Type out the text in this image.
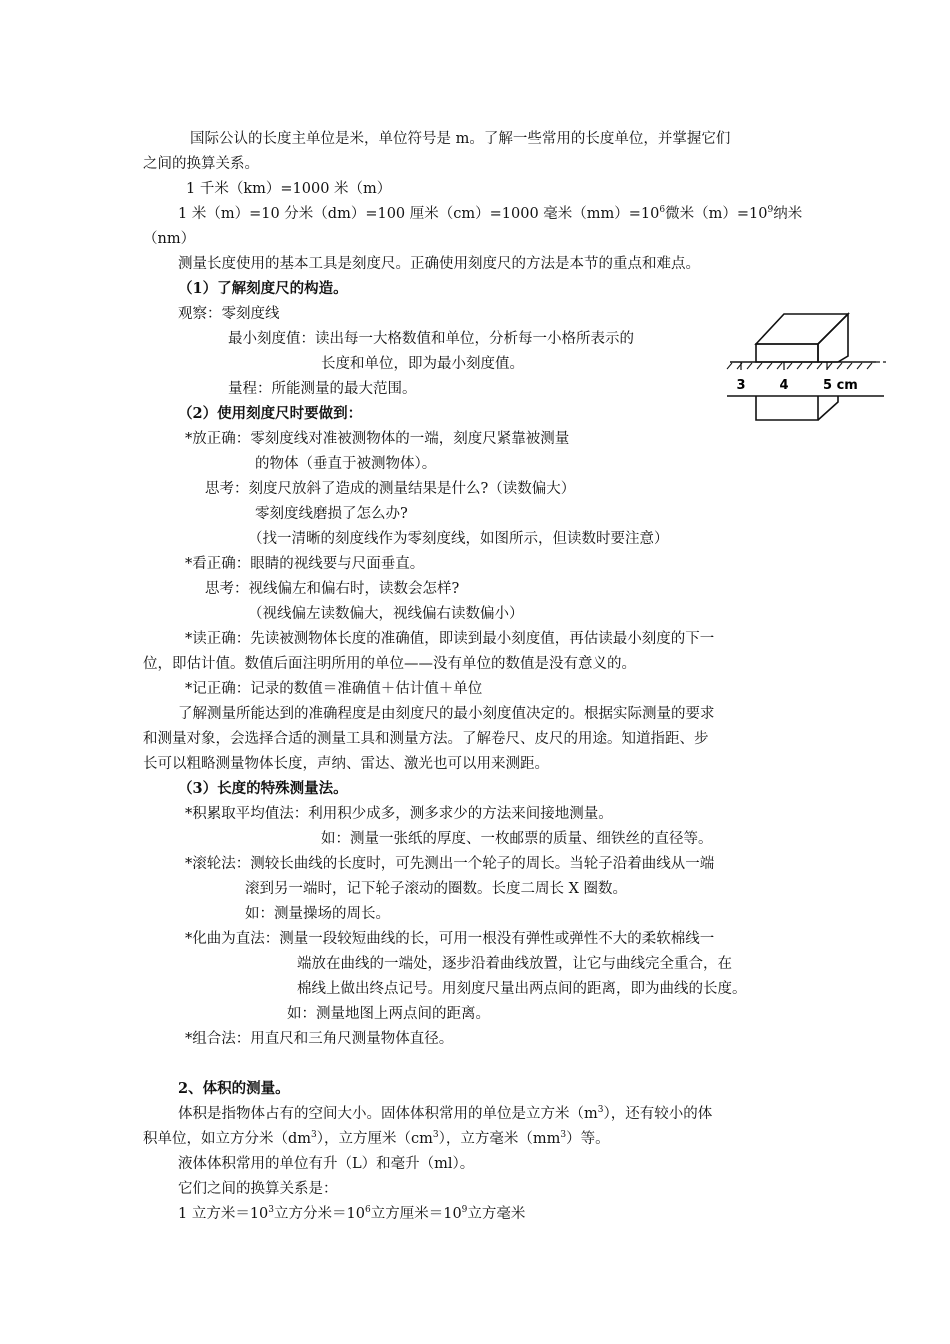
国际公认的长度主单位是米，单位符号是 m。了解一些常用的长度单位，并掌握它们
之间的换算关系。
1 千米（km）=1000 米（m）
1 米（m）=10 分米（dm）=100 厘米（cm）=1000 毫米$(mm)=10^6$微米$(m)=10^9$纳米
（nm）
测量长度使用的基本工具是刻度尺。正确使用刻度尺的方法是本节的重点和难点。
（1）了解刻度尺的构造。
观察：零刻度线
最小刻度值：读出每一大格数值和单位，分析每一小格所表示的
长度和单位，即为最小刻度值。
量程：所能测量的最大范围。
（2）使用刻度尺时要做到：
*放正确：零刻度线对准被测物体的一端，刻度尺紧靠被测量
的物体（垂直于被测物体）。
思考：刻度尺放斜了造成的测量结果是什么?（读数偏大）
零刻度线磨损了怎么办?
（找一清晰的刻度线作为零刻度线，如图所示，但读数时要注意）
*看正确：眼睛的视线要与尺面垂直。
思考：视线偏左和偏右时，读数会怎样?
（视线偏左读数偏大，视线偏右读数偏小）
*读正确：先读被测物体长度的准确值，即读到最小刻度值，再估读最小刻度的下一
位，即估计值。数值后面注明所用的单位——没有单位的数值是没有意义的。
*记正确：记录的数值＝准确值＋估计值＋单位
了解测量所能达到的准确程度是由刻度尺的最小刻度值决定的。根据实际测量的要求
和测量对象，会选择合适的测量工具和测量方法。了解卷尺、皮尺的用途。知道指距、步
长可以粗略测量物体长度，声纳、雷达、激光也可以用来测距。
（3）长度的特殊测量法。
*积累取平均值法：利用积少成多，测多求少的方法来间接地测量。
如：测量一张纸的厚度、一枚邮票的质量、细铁丝的直径等。
*滚轮法：测较长曲线的长度时，可先测出一个轮子的周长。当轮子沿着曲线从一端
滚到另一端时，记下轮子滚动的圈数。长度二周长 X 圈数。
如：测量操场的周长。
*化曲为直法：测量一段较短曲线的长，可用一根没有弹性或弹性不大的柔软棉线一
端放在曲线的一端处，逐步沿着曲线放置，让它与曲线完全重合，在
棉线上做出终点记号。用刻度尺量出两点间的距离，即为曲线的长度。
如：测量地图上两点间的距离。
*组合法：用直尺和三角尺测量物体直径。
2、体积的测量。
体积是指物体占有的空间大小。固体体积常用的单位是立方米$(m^3)$，还有较小的体
积单位，如立方分米$(dm^3)$，立方厘米$(cm^3)$，立方毫米$(mm^3)$等。
液体体积常用的单位有升（L）和毫升（ml）。
它们之间的换算关系是：
1 立方米$=10^3$立方分米$=10^6$立方厘米$=10^9$立方毫米
3	4	5 cm
